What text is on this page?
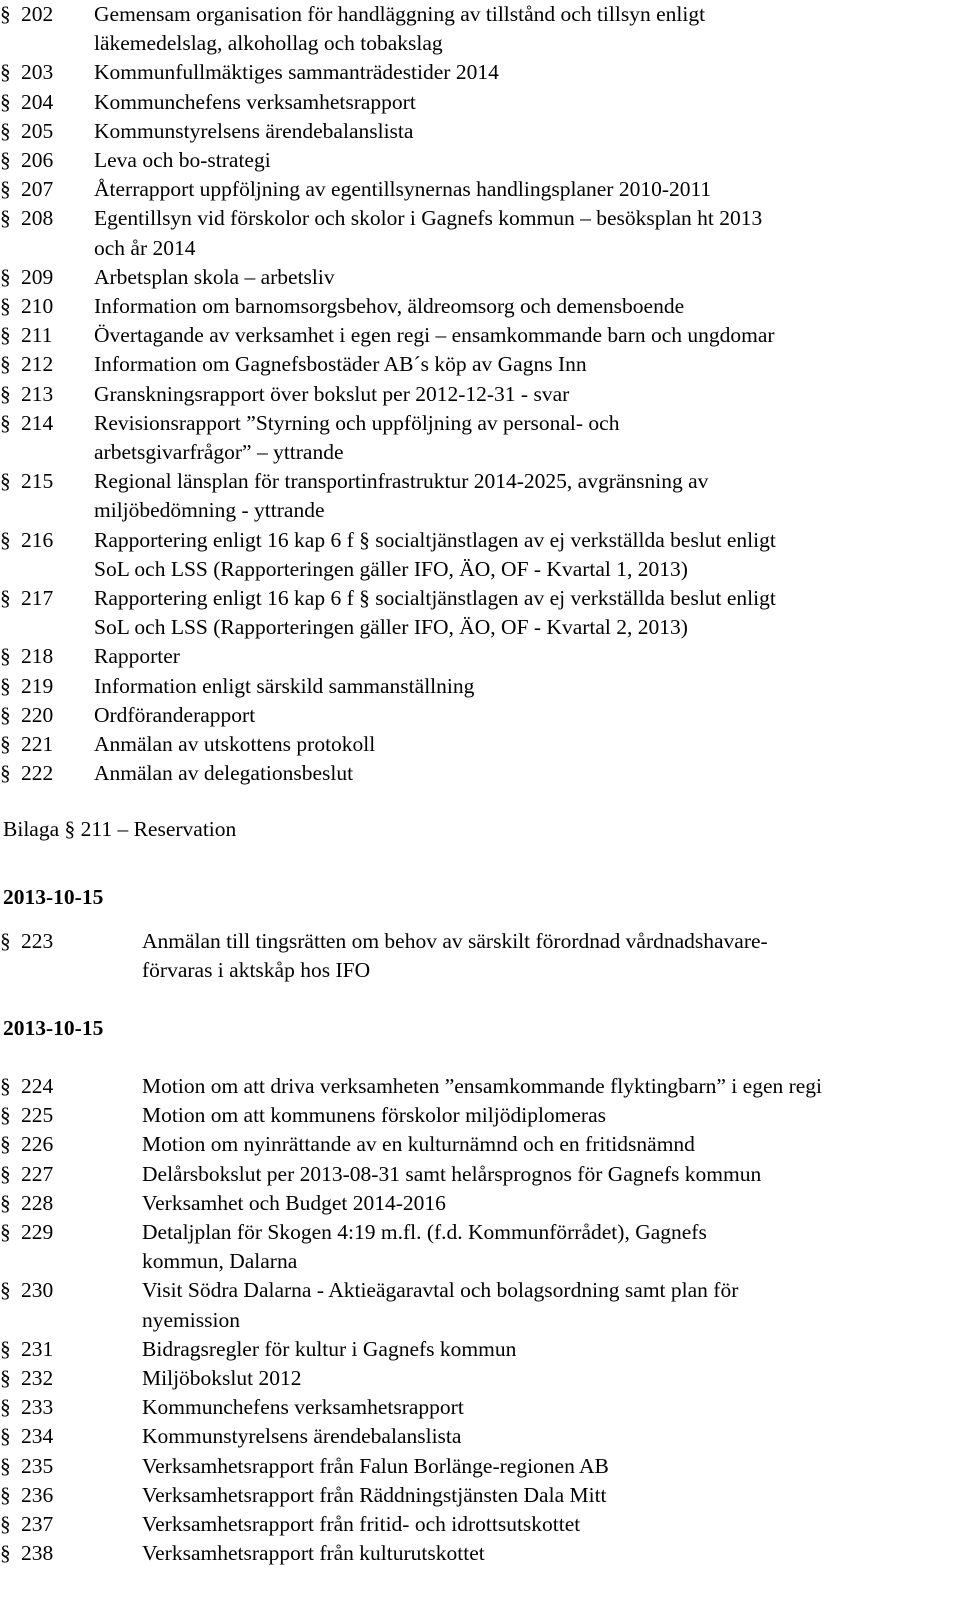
§ 202	Gemensam organisation för handläggning av tillstånd och tillsyn enligt
läkemedelslag, alkohollag och tobakslag
§ 203	Kommunfullmäktiges sammanträdestider 2014
§ 204	Kommunchefens verksamhetsrapport
§ 205	Kommunstyrelsens ärendebalanslista
§ 206	Leva och bo-strategi
§ 207	Återrapport uppföljning av egentillsynernas handlingsplaner 2010-2011
§ 208	Egentillsyn vid förskolor och skolor i Gagnefs kommun – besöksplan ht 2013
och år 2014
§ 209	Arbetsplan skola – arbetsliv
§ 210	Information om barnomsorgsbehov, äldreomsorg och demensboende
§ 211	Övertagande av verksamhet i egen regi – ensamkommande barn och ungdomar
§ 212	Information om Gagnefsbostäder AB´s köp av Gagns Inn
§ 213	Granskningsrapport över bokslut per 2012-12-31 - svar
§ 214	Revisionsrapport ”Styrning och uppföljning av personal- och
arbetsgivarfrågor” – yttrande
§ 215	Regional länsplan för transportinfrastruktur 2014-2025, avgränsning av
miljöbedömning - yttrande
§ 216	Rapportering enligt 16 kap 6 f § socialtjänstlagen av ej verkställda beslut enligt
SoL och LSS (Rapporteringen gäller IFO, ÄO, OF - Kvartal 1, 2013)
§ 217	Rapportering enligt 16 kap 6 f § socialtjänstlagen av ej verkställda beslut enligt
SoL och LSS (Rapporteringen gäller IFO, ÄO, OF - Kvartal 2, 2013)
§ 218	Rapporter
§ 219	Information enligt särskild sammanställning
§ 220	Ordföranderapport
§ 221	Anmälan av utskottens protokoll
§ 222	Anmälan av delegationsbeslut
Bilaga § 211 – Reservation
2013-10-15
§ 223	Anmälan till tingsrätten om behov av särskilt förordnad vårdnadshavare-
förvaras i aktskåp hos IFO
2013-10-15
§ 224	Motion om att driva verksamheten ”ensamkommande flyktingbarn” i egen regi
§ 225	Motion om att kommunens förskolor miljödiplomeras
§ 226	Motion om nyinrättande av en kulturnämnd och en fritidsnämnd
§ 227	Delårsbokslut per 2013-08-31 samt helårsprognos för Gagnefs kommun
§ 228	Verksamhet och Budget 2014-2016
§ 229	Detaljplan för Skogen 4:19 m.fl. (f.d. Kommunförrådet), Gagnefs
kommun, Dalarna
§ 230	Visit Södra Dalarna - Aktieägaravtal och bolagsordning samt plan för
nyemission
§ 231	Bidragsregler för kultur i Gagnefs kommun
§ 232	Miljöbokslut 2012
§ 233	Kommunchefens verksamhetsrapport
§ 234	Kommunstyrelsens ärendebalanslista
§ 235	Verksamhetsrapport från Falun Borlänge-regionen AB
§ 236	Verksamhetsrapport från Räddningstjänsten Dala Mitt
§ 237	Verksamhetsrapport från fritid- och idrottsutskottet
§ 238	Verksamhetsrapport från kulturutskottet
